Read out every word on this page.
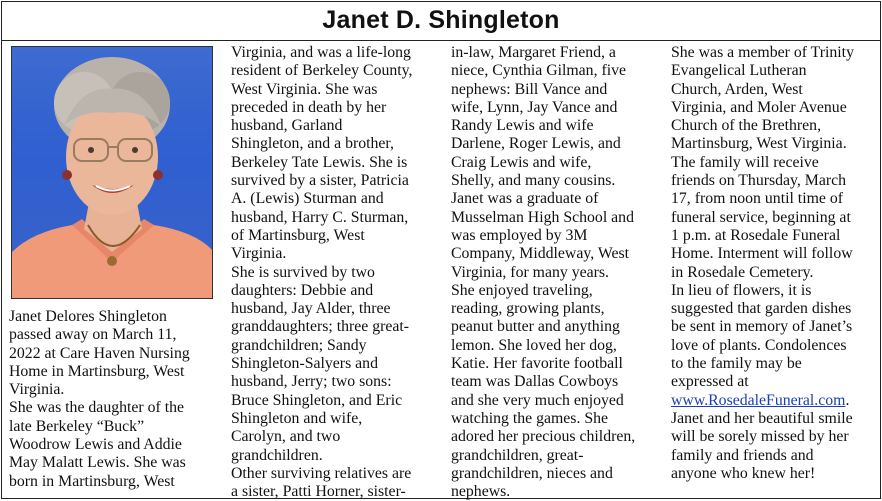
Janet D. Shingleton

Janet Delores Shingleton

passed away on March 11,

2022 at Care Haven Nursing

Home in Martinsburg, West

Virginia.

She was the daughter of the

late Berkeley “Buck”

Woodrow Lewis and Addie

May Malatt Lewis. She was

born in Martinsburg, West

Virginia, and was a life-long

resident of Berkeley County,

West Virginia. She was

preceded in death by her

husband, Garland

Shingleton, and a brother,

Berkeley Tate Lewis. She is

survived by a sister, Patricia

A. (Lewis) Sturman and

husband, Harry C. Sturman,

of Martinsburg, West

Virginia.

She is survived by two

daughters: Debbie and

husband, Jay Alder, three

granddaughters; three great-

grandchildren; Sandy

Shingleton-Salyers and

husband, Jerry; two sons:

Bruce Shingleton, and Eric

Shingleton and wife,

Carolyn, and two

grandchildren.

Other surviving relatives are

a sister, Patti Horner, sister-

in-law, Margaret Friend, a

niece, Cynthia Gilman, five

nephews: Bill Vance and

wife, Lynn, Jay Vance and

Randy Lewis and wife

Darlene, Roger Lewis, and

Craig Lewis and wife,

Shelly, and many cousins.

Janet was a graduate of

Musselman High School and

was employed by 3M

Company, Middleway, West

Virginia, for many years.

She enjoyed traveling,

reading, growing plants,

peanut butter and anything

lemon. She loved her dog,

Katie. Her favorite football

team was Dallas Cowboys

and she very much enjoyed

watching the games. She

adored her precious children,

grandchildren, great-

grandchildren, nieces and

nephews.

She was a member of Trinity

Evangelical Lutheran

Church, Arden, West

Virginia, and Moler Avenue

Church of the Brethren,

Martinsburg, West Virginia.

The family will receive

friends on Thursday, March

17, from noon until time of

funeral service, beginning at

1 p.m. at Rosedale Funeral

Home. Interment will follow

in Rosedale Cemetery.

In lieu of flowers, it is

suggested that garden dishes

be sent in memory of Janet’s

love of plants. Condolences

to the family may be

expressed at

www.RosedaleFuneral.com.

Janet and her beautiful smile

will be sorely missed by her

family and friends and

anyone who knew her!
